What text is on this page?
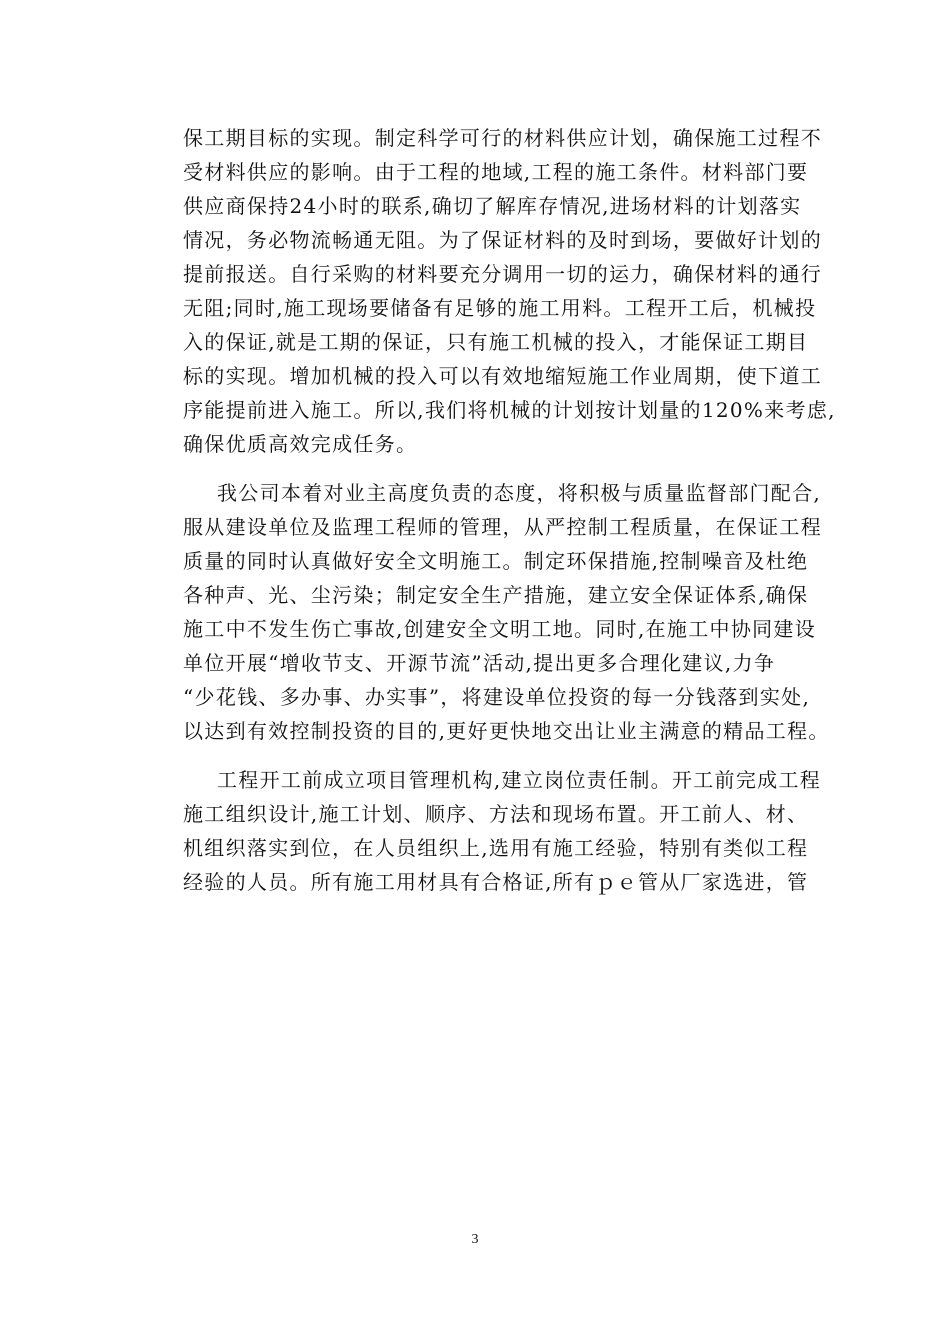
保工期目标的实现。制定科学可行的材料供应计划，确保施工过程不
受材料供应的影响。由于工程的地域,工程的施工条件。材料部门要
供应商保持24小时的联系,确切了解库存情况,进场材料的计划落实
情况，务必物流畅通无阻。为了保证材料的及时到场，要做好计划的
提前报送。自行采购的材料要充分调用一切的运力，确保材料的通行
无阻;同时,施工现场要储备有足够的施工用料。工程开工后，机械投
入的保证,就是工期的保证，只有施工机械的投入，才能保证工期目
标的实现。增加机械的投入可以有效地缩短施工作业周期，使下道工
序能提前进入施工。所以,我们将机械的计划按计划量的120%来考虑,
确保优质高效完成任务。
我公司本着对业主高度负责的态度，将积极与质量监督部门配合,
服从建设单位及监理工程师的管理，从严控制工程质量，在保证工程
质量的同时认真做好安全文明施工。制定环保措施,控制噪音及杜绝
各种声、光、尘污染；制定安全生产措施，建立安全保证体系,确保
施工中不发生伤亡事故,创建安全文明工地。同时,在施工中协同建设
单位开展“增收节支、开源节流”活动,提出更多合理化建议,力争
“少花钱、多办事、办实事”，将建设单位投资的每一分钱落到实处,
以达到有效控制投资的目的,更好更快地交出让业主满意的精品工程。
工程开工前成立项目管理机构,建立岗位责任制。开工前完成工程
施工组织设计,施工计划、顺序、方法和现场布置。开工前人、材、
机组织落实到位，在人员组织上,选用有施工经验，特别有类似工程
经验的人员。所有施工用材具有合格证,所有ｐｅ管从厂家选进，管
3
